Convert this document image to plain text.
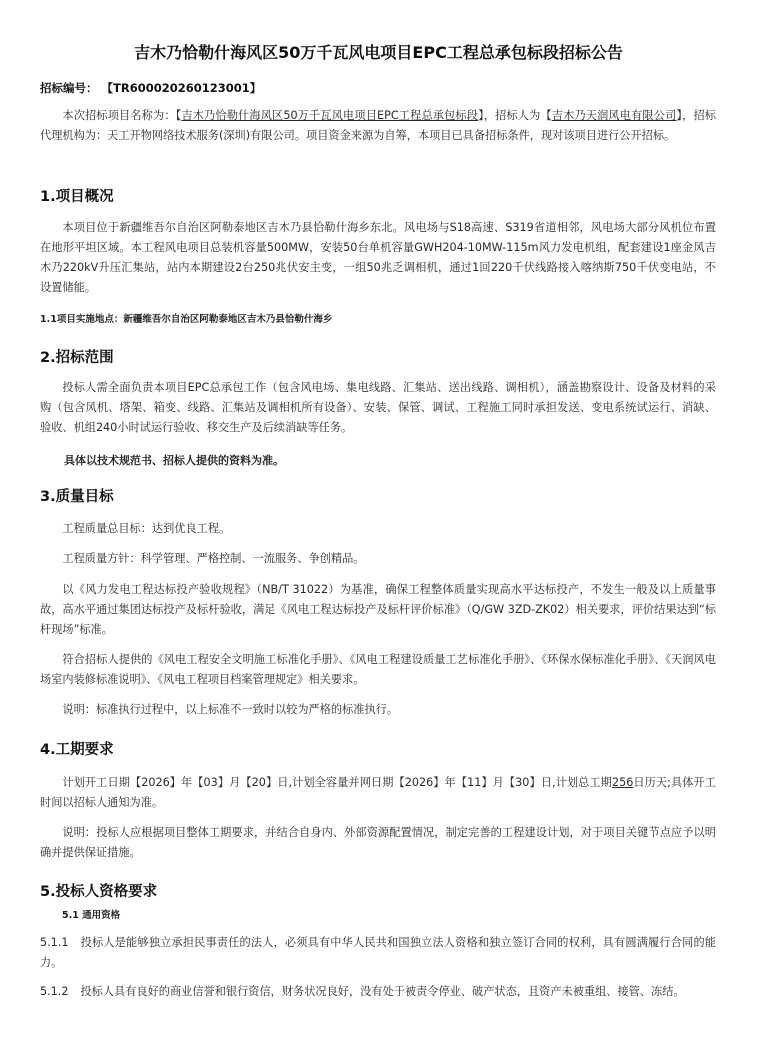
吉木乃恰勒什海风区50万千瓦风电项目EPC工程总承包标段招标公告
招标编号： 【TR600020260123001】
本次招标项目名称为：【吉木乃恰勒什海风区50万千瓦风电项目EPC工程总承包标段】，招标人为【吉木乃天润风电有限公司】，招标代理机构为：天工开物网络技术服务(深圳)有限公司。项目资金来源为自筹，本项目已具备招标条件，现对该项目进行公开招标。
1.项目概况
本项目位于新疆维吾尔自治区阿勒泰地区吉木乃县恰勒什海乡东北。风电场与S18高速、S319省道相邻，风电场大部分风机位布置在地形平坦区域。本工程风电项目总装机容量500MW，安装50台单机容量GWH204-10MW-115m风力发电机组，配套建设1座金风吉木乃220kV升压汇集站，站内本期建设2台250兆伏安主变，一组50兆乏调相机，通过1回220千伏线路接入喀纳斯750千伏变电站，不设置储能。
1.1项目实施地点：新疆维吾尔自治区阿勒泰地区吉木乃县恰勒什海乡
2.招标范围
投标人需全面负责本项目EPC总承包工作（包含风电场、集电线路、汇集站、送出线路、调相机），涵盖勘察设计、设备及材料的采购（包含风机、塔架、箱变、线路、汇集站及调相机所有设备）、安装、保管、调试、工程施工同时承担发送、变电系统试运行、消缺、验收、机组240小时试运行验收、移交生产及后续消缺等任务。
具体以技术规范书、招标人提供的资料为准。
3.质量目标
工程质量总目标：达到优良工程。
工程质量方针：科学管理、严格控制、一流服务、争创精品。
以《风力发电工程达标投产验收规程》（NB/T 31022）为基准，确保工程整体质量实现高水平达标投产，不发生一般及以上质量事故，高水平通过集团达标投产及标杆验收，满足《风电工程达标投产及标杆评价标准》（Q/GW 3ZD-ZK02）相关要求，评价结果达到“标杆现场”标准。
符合招标人提供的《风电工程安全文明施工标准化手册》、《风电工程建设质量工艺标准化手册》、《环保水保标准化手册》、《天润风电场室内装修标准说明》、《风电工程项目档案管理规定》相关要求。
说明：标准执行过程中，以上标准不一致时以较为严格的标准执行。
4.工期要求
计划开工日期【2026】年【03】月【20】日,计划全容量并网日期【2026】年【11】月【30】日,计划总工期256日历天;具体开工时间以招标人通知为准。
说明：投标人应根据项目整体工期要求，并结合自身内、外部资源配置情况，制定完善的工程建设计划，对于项目关键节点应予以明确并提供保证措施。
5.投标人资格要求
5.1 通用资格
5.1.1 投标人是能够独立承担民事责任的法人，必须具有中华人民共和国独立法人资格和独立签订合同的权利，具有圆满履行合同的能力。
5.1.2 投标人具有良好的商业信誉和银行资信，财务状况良好，没有处于被责令停业、破产状态，且资产未被重组、接管、冻结。
